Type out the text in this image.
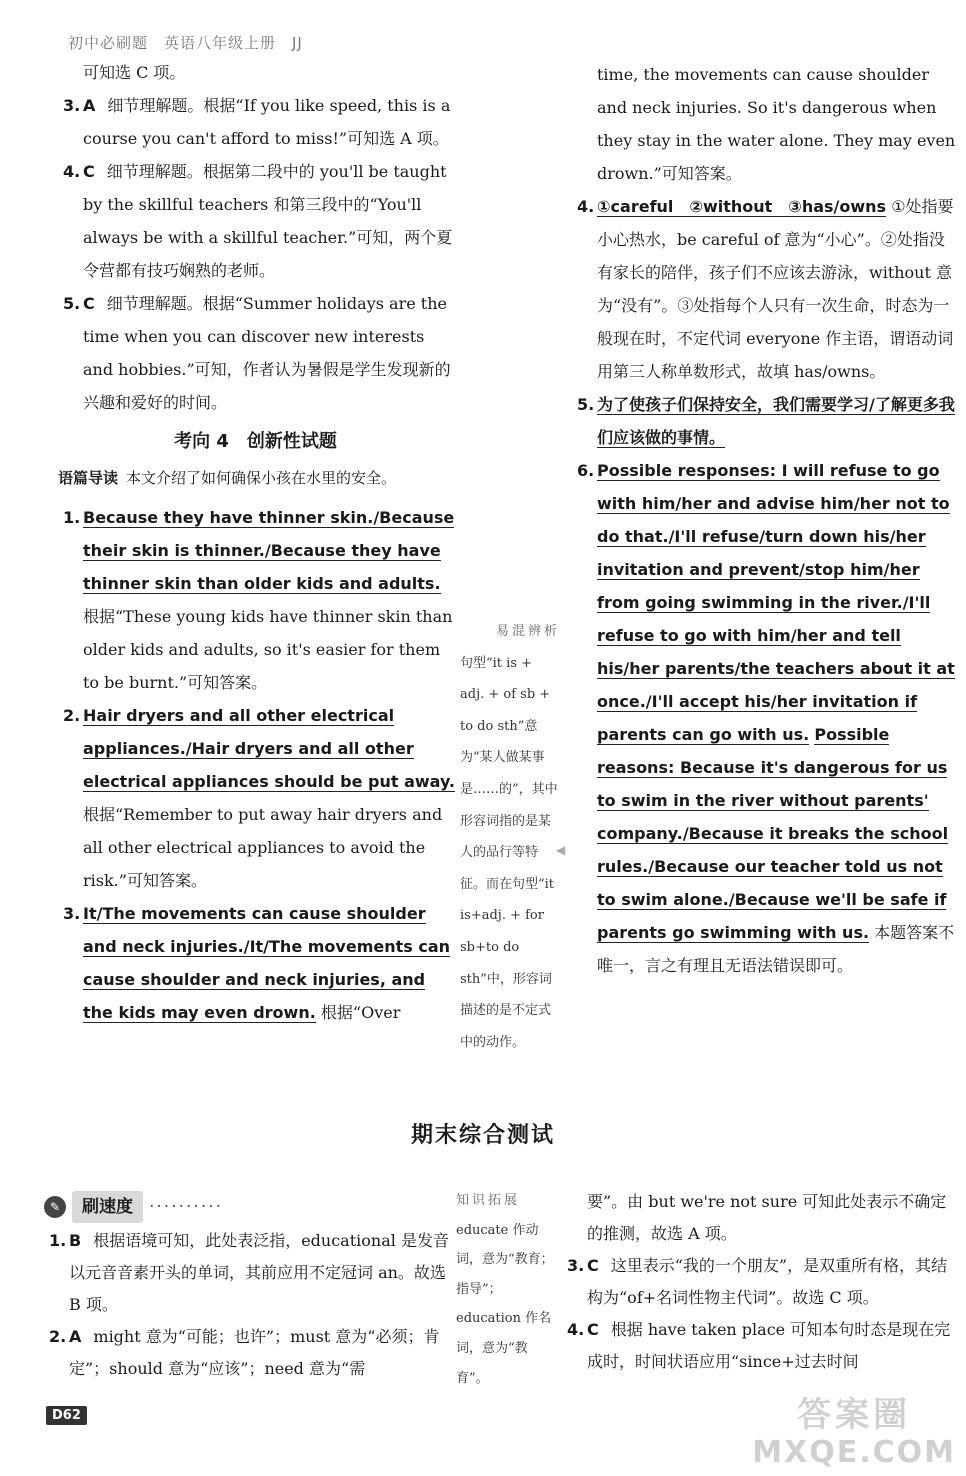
初中必刷题　英语八年级上册　JJ

可知选 C 项。

3. A 细节理解题。根据“If you like speed, this is a course you can't afford to miss!”可知选 A 项。
4. C 细节理解题。根据第二段中的 you'll be taught by the skillful teachers 和第三段中的“You'll always be with a skillful teacher.”可知，两个夏令营都有技巧娴熟的老师。
5. C 细节理解题。根据“Summer holidays are the time when you can discover new interests and hobbies.”可知，作者认为暑假是学生发现新的兴趣和爱好的时间。
考向 4　创新性试题

语篇导读 本文介绍了如何确保小孩在水里的安全。

1. Because they have thinner skin./Because their skin is thinner./Because they have thinner skin than older kids and adults. 根据“These young kids have thinner skin than older kids and adults, so it's easier for them to be burnt.”可知答案。
2. Hair dryers and all other electrical appliances./Hair dryers and all other electrical appliances should be put away. 根据“Remember to put away hair dryers and all other electrical appliances to avoid the risk.”可知答案。
3. It/The movements can cause shoulder and neck injuries./It/The movements can cause shoulder and neck injuries, and the kids may even drown. 根据“Over
易混辨析
句型“it is + adj. + of sb + to do sth”意为“某人做某事是……的”，其中形容词指的是某人的品行等特征。而在句型“it is+adj. + for sb+to do sth”中，形容词描述的是不定式中的动作。
◀

time, the movements can cause shoulder and neck injuries. So it's dangerous when they stay in the water alone. They may even drown.”可知答案。

4. ①careful　②without　③has/owns ①处指要小心热水，be careful of 意为“小心”。②处指没有家长的陪伴，孩子们不应该去游泳，without 意为“没有”。③处指每个人只有一次生命，时态为一般现在时，不定代词 everyone 作主语，谓语动词用第三人称单数形式，故填 has/owns。
5. 为了使孩子们保持安全，我们需要学习/了解更多我们应该做的事情。
6. Possible responses: I will refuse to go with him/her and advise him/her not to do that./I'll refuse/turn down his/her invitation and prevent/stop him/her from going swimming in the river./I'll refuse to go with him/her and tell his/her parents/the teachers about it at once./I'll accept his/her invitation if parents can go with us. Possible reasons: Because it's dangerous for us to swim in the river without parents' company./Because it breaks the school rules./Because our teacher told us not to swim alone./Because we'll be safe if parents go swimming with us. 本题答案不唯一，言之有理且无语法错误即可。
期末综合测试
✎	刷速度 ··········
1. B 根据语境可知，此处表泛指，educational 是发音以元音音素开头的单词，其前应用不定冠词 an。故选 B 项。
2. A might 意为“可能；也许”；must 意为“必须；肯定”；should 意为“应该”；need 意为“需
知识拓展
educate 作动词，意为“教育；指导”；education 作名词，意为“教育”。

要”。由 but we're not sure 可知此处表示不确定的推测，故选 A 项。

3. C 这里表示“我的一个朋友”，是双重所有格，其结构为“of+名词性物主代词”。故选 C 项。
4. C 根据 have taken place 可知本句时态是现在完成时，时间状语应用“since+过去时间
D62	答案圈
MXQE.COM
